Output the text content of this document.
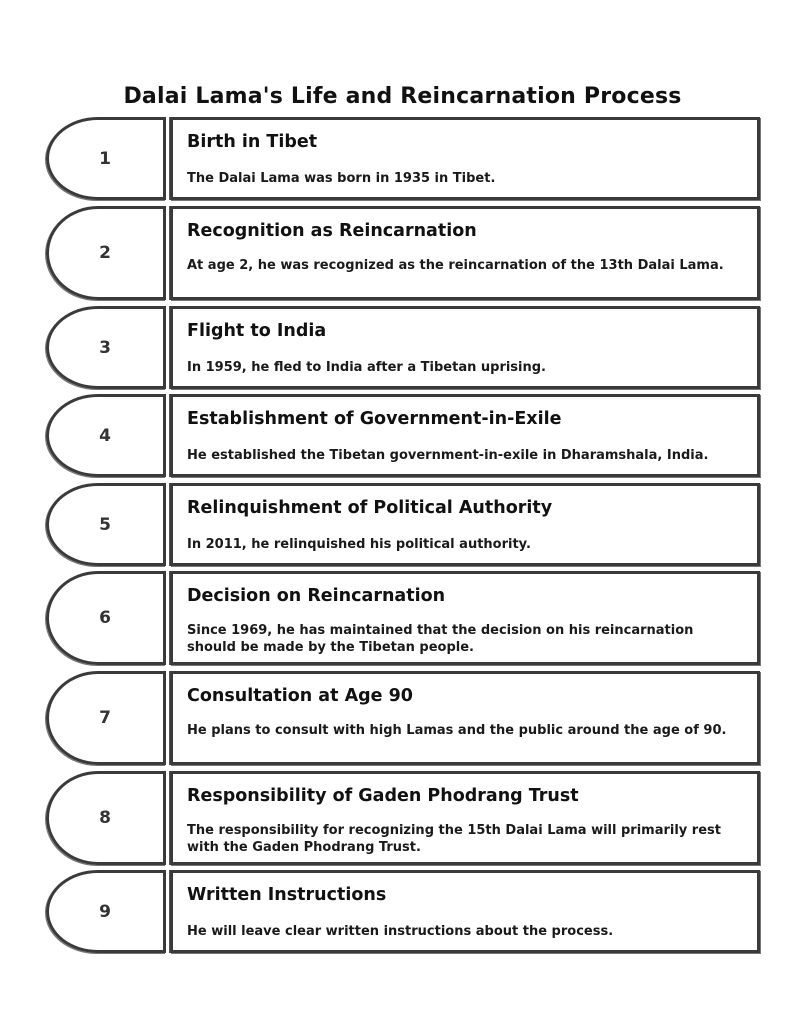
Dalai Lama's Life and Reincarnation Process
1
Birth in Tibet
The Dalai Lama was born in 1935 in Tibet.
2
Recognition as Reincarnation
At age 2, he was recognized as the reincarnation of the 13th Dalai Lama.
3
Flight to India
In 1959, he fled to India after a Tibetan uprising.
4
Establishment of Government-in-Exile
He established the Tibetan government-in-exile in Dharamshala, India.
5
Relinquishment of Political Authority
In 2011, he relinquished his political authority.
6
Decision on Reincarnation
Since 1969, he has maintained that the decision on his reincarnation should be made by the Tibetan people.
7
Consultation at Age 90
He plans to consult with high Lamas and the public around the age of 90.
8
Responsibility of Gaden Phodrang Trust
The responsibility for recognizing the 15th Dalai Lama will primarily rest with the Gaden Phodrang Trust.
9
Written Instructions
He will leave clear written instructions about the process.
